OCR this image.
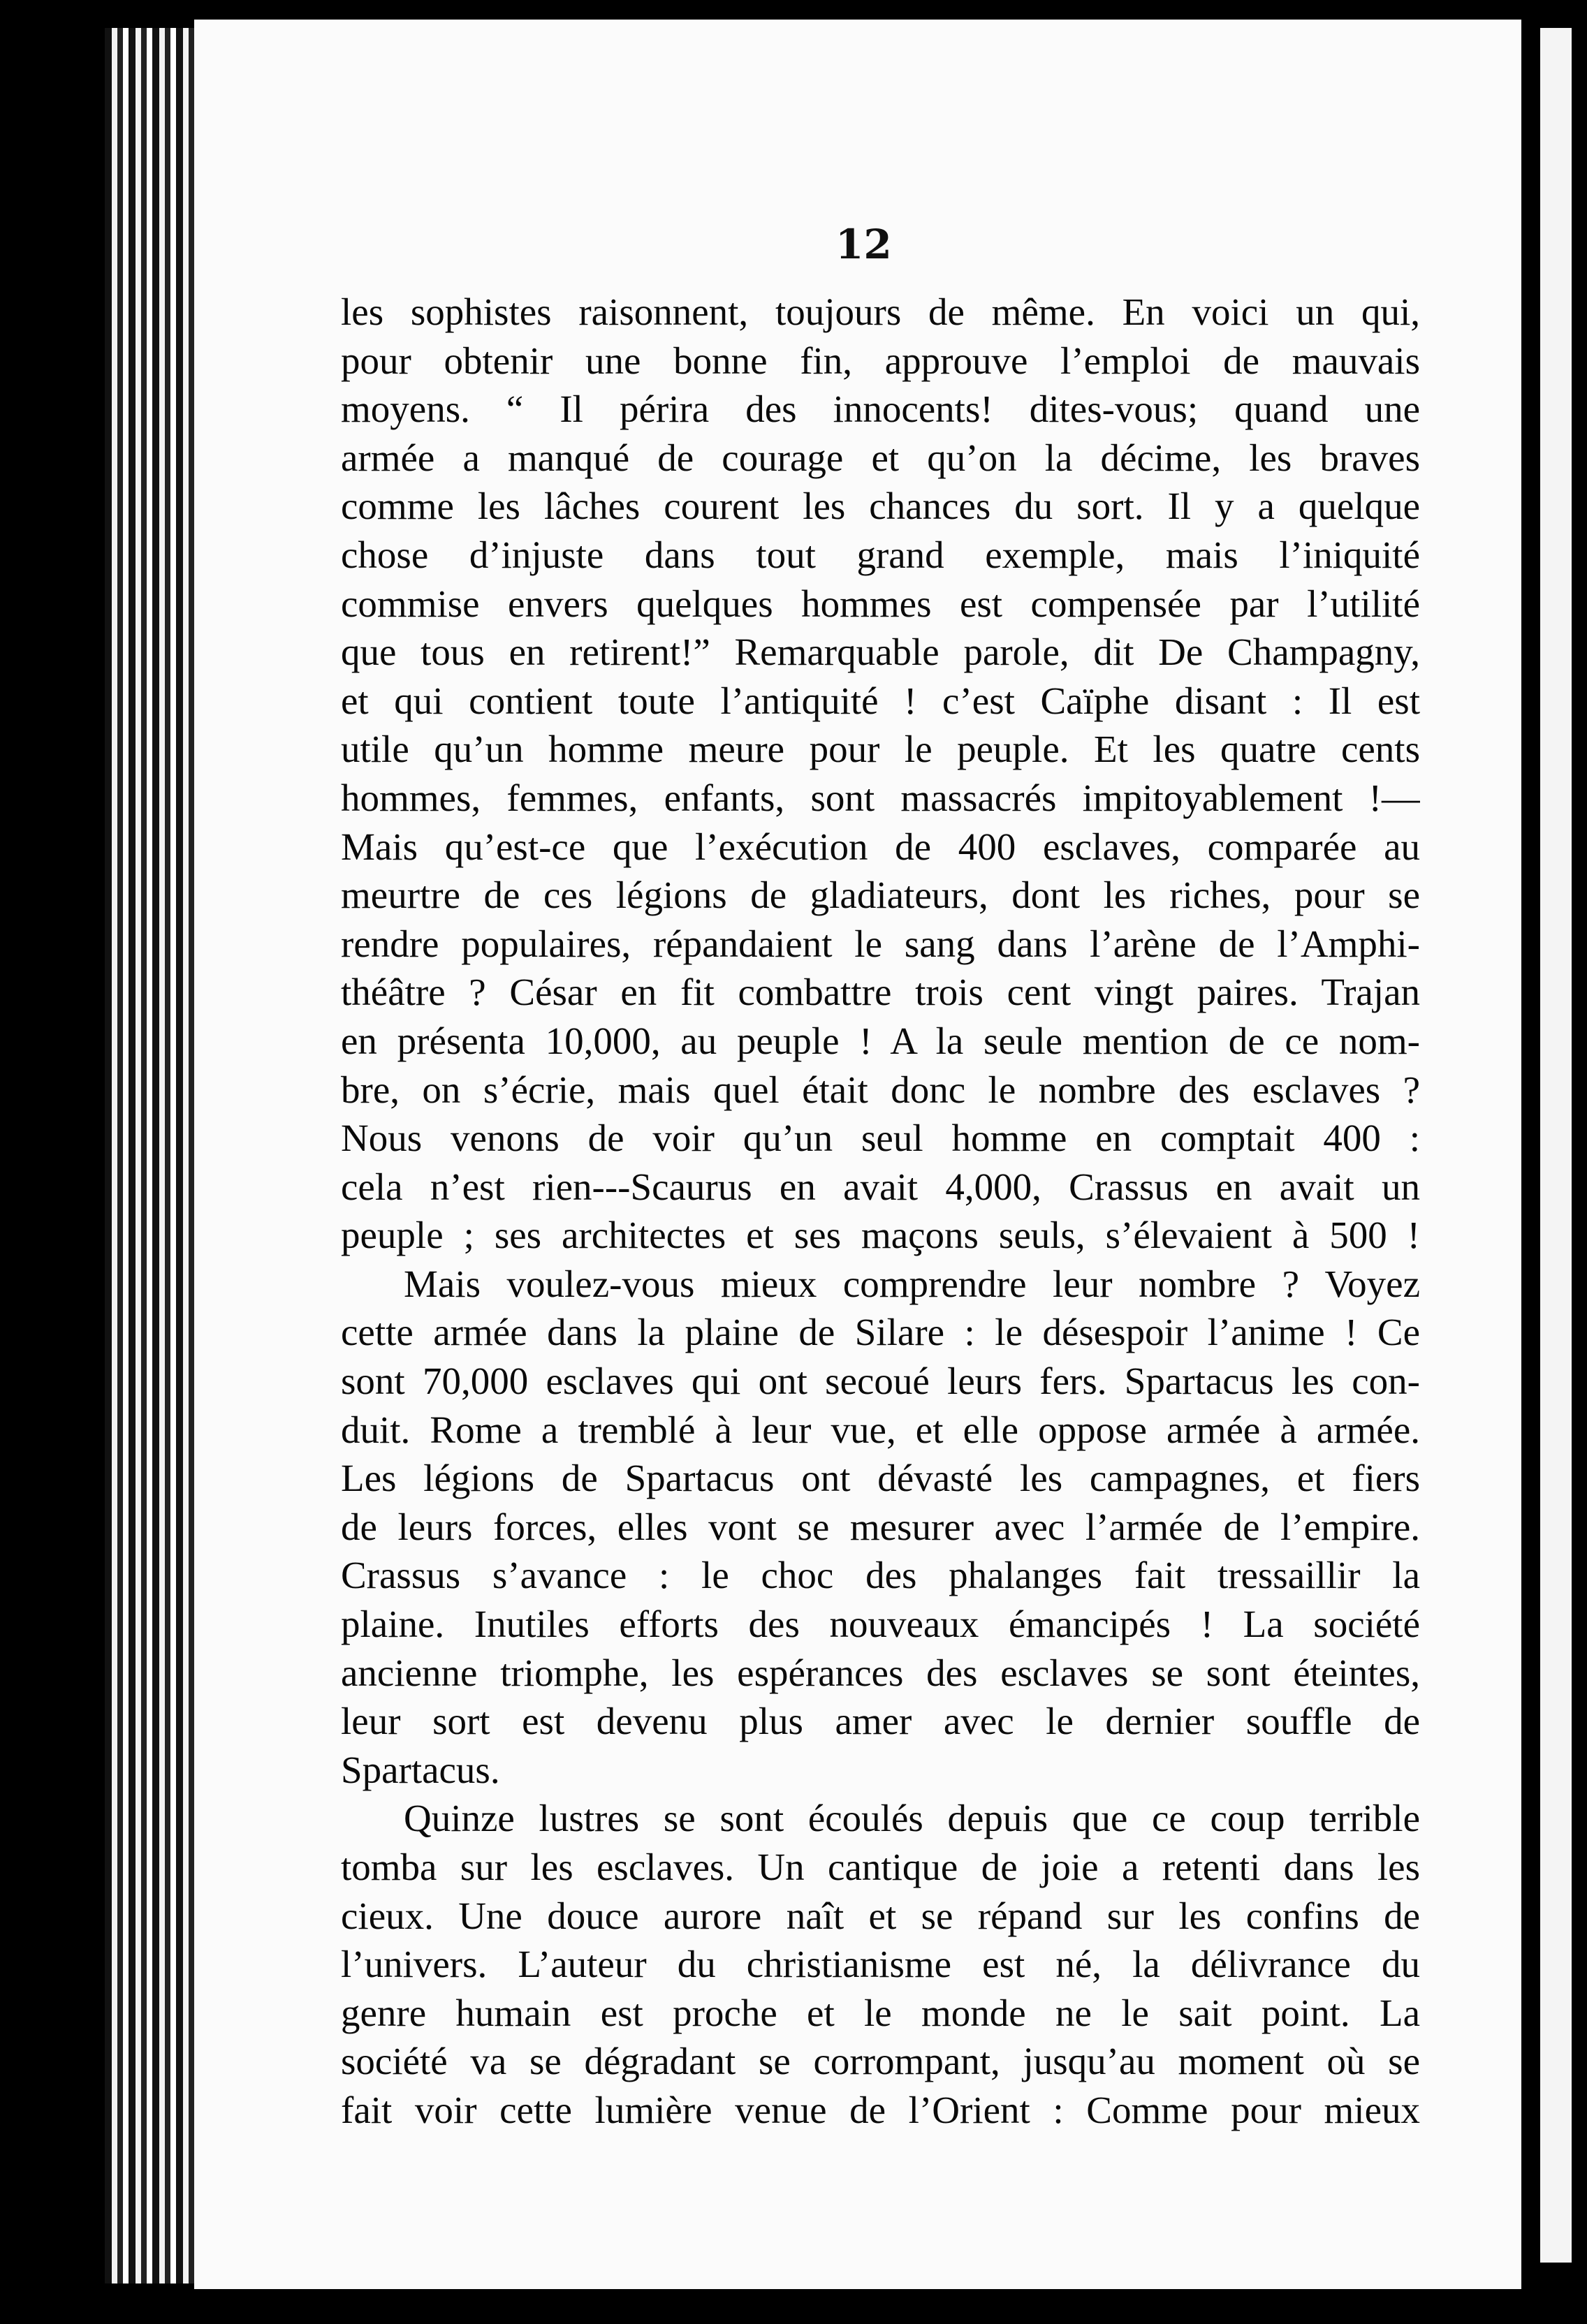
12
les sophistes raisonnent, toujours de même. En voici un qui,
pour obtenir une bonne fin, approuve l’emploi de mauvais
moyens. “ Il périra des innocents! dites-vous; quand une
armée a manqué de courage et qu’on la décime, les braves
comme les lâches courent les chances du sort. Il y a quelque
chose d’injuste dans tout grand exemple, mais l’iniquité
commise envers quelques hommes est compensée par l’utilité
que tous en retirent!” Remarquable parole, dit De Champagny,
et qui contient toute l’antiquité ! c’est Caïphe disant : Il est
utile qu’un homme meure pour le peuple. Et les quatre cents
hommes, femmes, enfants, sont massacrés impitoyablement !—
Mais qu’est-ce que l’exécution de 400 esclaves, comparée au
meurtre de ces légions de gladiateurs, dont les riches, pour se
rendre populaires, répandaient le sang dans l’arène de l’Amphi-
théâtre ? César en fit combattre trois cent vingt paires. Trajan
en présenta 10,000, au peuple ! A la seule mention de ce nom-
bre, on s’écrie, mais quel était donc le nombre des esclaves ?
Nous venons de voir qu’un seul homme en comptait 400 :
cela n’est rien---Scaurus en avait 4,000, Crassus en avait un
peuple ; ses architectes et ses maçons seuls, s’élevaient à 500 !
Mais voulez-vous mieux comprendre leur nombre ? Voyez
cette armée dans la plaine de Silare : le désespoir l’anime ! Ce
sont 70,000 esclaves qui ont secoué leurs fers. Spartacus les con-
duit. Rome a tremblé à leur vue, et elle oppose armée à armée.
Les légions de Spartacus ont dévasté les campagnes, et fiers
de leurs forces, elles vont se mesurer avec l’armée de l’empire.
Crassus s’avance : le choc des phalanges fait tressaillir la
plaine. Inutiles efforts des nouveaux émancipés ! La société
ancienne triomphe, les espérances des esclaves se sont éteintes,
leur sort est devenu plus amer avec le dernier souffle de
Spartacus.
Quinze lustres se sont écoulés depuis que ce coup terrible
tomba sur les esclaves. Un cantique de joie a retenti dans les
cieux. Une douce aurore naît et se répand sur les confins de
l’univers. L’auteur du christianisme est né, la délivrance du
genre humain est proche et le monde ne le sait point. La
société va se dégradant se corrompant, jusqu’au moment où se
fait voir cette lumière venue de l’Orient : Comme pour mieux
